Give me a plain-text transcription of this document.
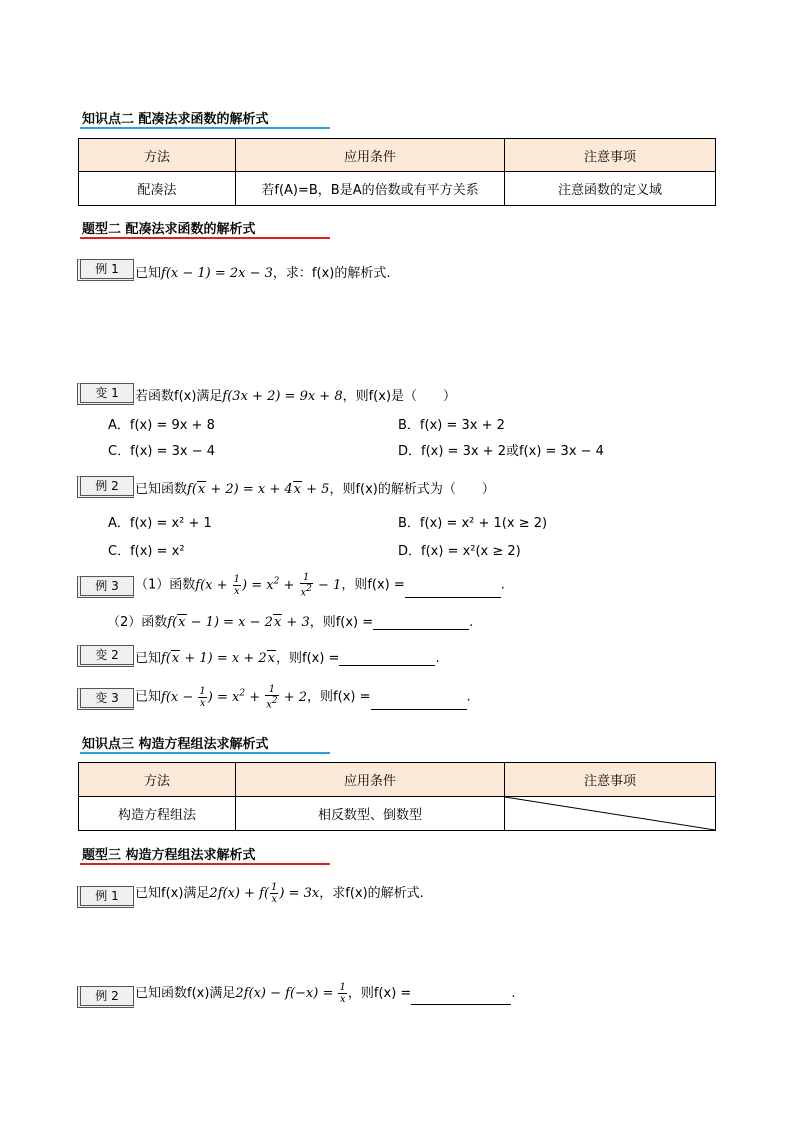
知识点二 配凑法求函数的解析式
方法	应用条件	注意事项
配凑法	若f(A)=B，B是A的倍数或有平方关系	注意函数的定义域
题型二 配凑法求函数的解析式
例 1	已知f(x − 1) = 2x − 3，求：f(x)的解析式.
变 1	若函数f(x)满足f(3x + 2) = 9x + 8，则f(x)是（　　）
A．f(x) = 9x + 8	B．f(x) = 3x + 2
C．f(x) = 3x − 4	D．f(x) = 3x + 2或f(x) = 3x − 4
例 2	已知函数f(x + 2) = x + 4x + 5，则f(x)的解析式为（　　）
A．f(x) = x² + 1	B．f(x) = x² + 1(x ≥ 2)
C．f(x) = x²	D．f(x) = x²(x ≥ 2)
例 3	（1）函数$f(x + \frac{1}{x}$ ) = $x^2 + \frac{1}{x^2} - 1$，则f(x) =	.
（2）函数f(x − 1) = x − 2x + 3，则f(x) =	.
变 2	已知f(x + 1) = x + 2x，则f(x) =	.
变 3	已知$f(x - \frac{1}{x}$ ) = $x^2 + \frac{1}{x^2} + 2$，则f(x) =	.
知识点三 构造方程组法求解析式
方法	应用条件	注意事项
构造方程组法	相反数型、倒数型	
题型三 构造方程组法求解析式
例 1	已知f(x)满足$2f(x) + f( \frac{1}{x}$ ) = 3x，求f(x)的解析式.
例 2	已知函数f(x)满足$2f(x) - f(-x) = \frac{1}{x}$ ，则f(x) =	.
